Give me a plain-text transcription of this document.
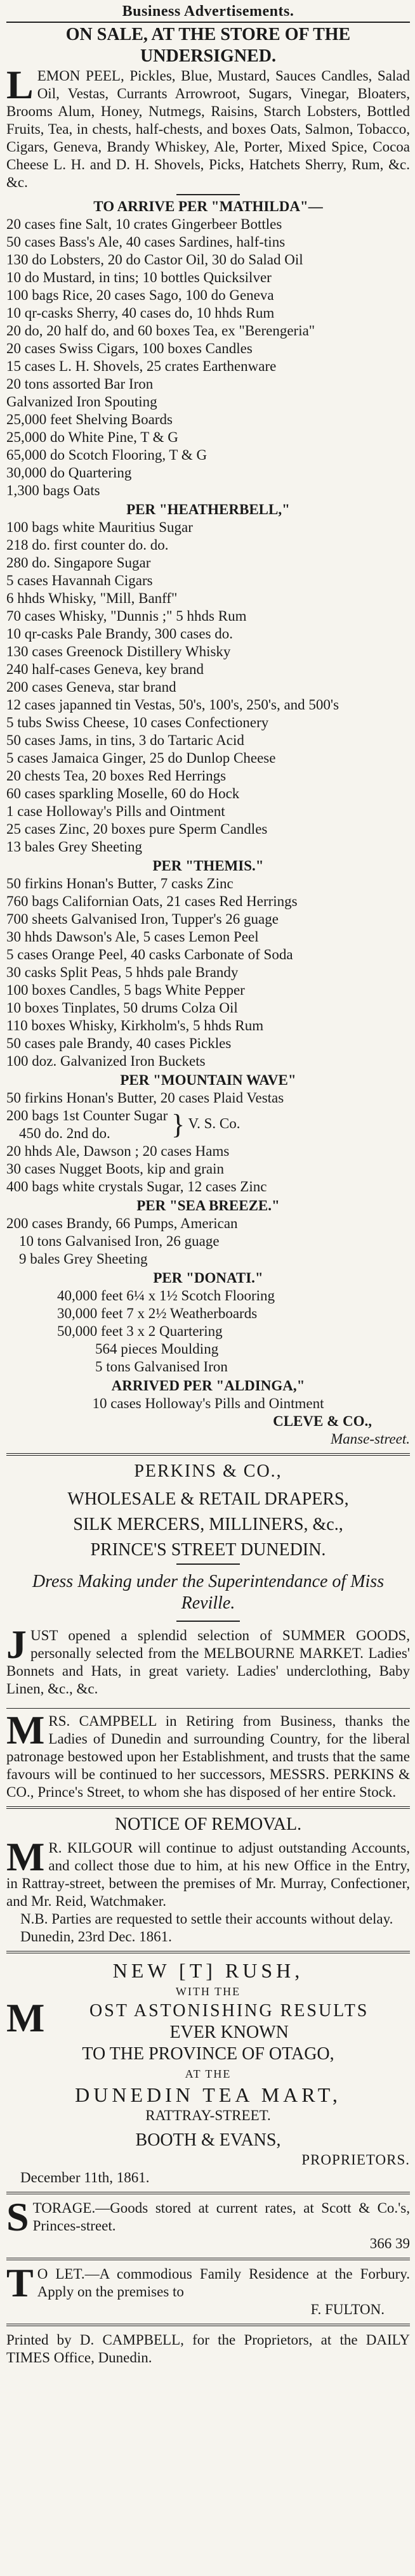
Business Advertisements.
ON SALE, AT THE STORE OF THE
UNDERSIGNED.
LEMON PEEL, Pickles, Blue, Mustard, Sauces Candles, Salad Oil, Vestas, Currants Arrowroot, Sugars, Vinegar, Bloaters, Brooms Alum, Honey, Nutmegs, Raisins, Starch Lobsters, Bottled Fruits, Tea, in chests, half-chests, and boxes Oats, Salmon, Tobacco, Cigars, Geneva, Brandy Whiskey, Ale, Porter, Mixed Spice, Cocoa Cheese L. H. and D. H. Shovels, Picks, Hatchets Sherry, Rum, &c. &c.
TO ARRIVE PER "MATHILDA"—
20 cases fine Salt, 10 crates Gingerbeer Bottles
50 cases Bass's Ale, 40 cases Sardines, half-tins
130 do Lobsters, 20 do Castor Oil, 30 do Salad Oil
10 do Mustard, in tins; 10 bottles Quicksilver
100 bags Rice, 20 cases Sago, 100 do Geneva
10 qr-casks Sherry, 40 cases do, 10 hhds Rum
20 do, 20 half do, and 60 boxes Tea, ex "Berengeria"
20 cases Swiss Cigars, 100 boxes Candles
15 cases L. H. Shovels, 25 crates Earthenware
20 tons assorted Bar Iron
Galvanized Iron Spouting
25,000 feet Shelving Boards
25,000 do White Pine, T & G
65,000 do Scotch Flooring, T & G
30,000 do Quartering
1,300 bags Oats
PER "HEATHERBELL,"
100 bags white Mauritius Sugar
218 do. first counter do. do.
280 do. Singapore Sugar
5 cases Havannah Cigars
6 hhds Whisky, "Mill, Banff"
70 cases Whisky, "Dunnis ;" 5 hhds Rum
10 qr-casks Pale Brandy, 300 cases do.
130 cases Greenock Distillery Whisky
240 half-cases Geneva, key brand
200 cases Geneva, star brand
12 cases japanned tin Vestas, 50's, 100's, 250's, and 500's
5 tubs Swiss Cheese, 10 cases Confectionery
50 cases Jams, in tins, 3 do Tartaric Acid
5 cases Jamaica Ginger, 25 do Dunlop Cheese
20 chests Tea, 20 boxes Red Herrings
60 cases sparkling Moselle, 60 do Hock
1 case Holloway's Pills and Ointment
25 cases Zinc, 20 boxes pure Sperm Candles
13 bales Grey Sheeting
PER "THEMIS."
50 firkins Honan's Butter, 7 casks Zinc
760 bags Californian Oats, 21 cases Red Herrings
700 sheets Galvanised Iron, Tupper's 26 guage
30 hhds Dawson's Ale, 5 cases Lemon Peel
5 cases Orange Peel, 40 casks Carbonate of Soda
30 casks Split Peas, 5 hhds pale Brandy
100 boxes Candles, 5 bags White Pepper
10 boxes Tinplates, 50 drums Colza Oil
110 boxes Whisky, Kirkholm's, 5 hhds Rum
50 cases pale Brandy, 40 cases Pickles
100 doz. Galvanized Iron Buckets
PER "MOUNTAIN WAVE"
50 firkins Honan's Butter, 20 cases Plaid Vestas
200 bags 1st Counter Sugar
450 do. 2nd do.	} V. S. Co.
20 hhds Ale, Dawson ; 20 cases Hams
30 cases Nugget Boots, kip and grain
400 bags white crystals Sugar, 12 cases Zinc
PER "SEA BREEZE."
200 cases Brandy, 66 Pumps, American
10 tons Galvanised Iron, 26 guage
9 bales Grey Sheeting
PER "DONATI."
40,000 feet 6¼ x 1½ Scotch Flooring
30,000 feet 7 x 2½ Weatherboards
50,000 feet 3 x 2 Quartering
564 pieces Moulding
5 tons Galvanised Iron
ARRIVED PER "ALDINGA,"
10 cases Holloway's Pills and Ointment
CLEVE & CO.,
Manse-street.
PERKINS & CO.,
WHOLESALE & RETAIL DRAPERS,
SILK MERCERS, MILLINERS, &c.,
PRINCE'S STREET DUNEDIN.
Dress Making under the Superintendance of Miss Reville.
JUST opened a splendid selection of SUMMER GOODS, personally selected from the MELBOURNE MARKET. Ladies' Bonnets and Hats, in great variety. Ladies' underclothing, Baby Linen, &c., &c.
MRS. CAMPBELL in Retiring from Business, thanks the Ladies of Dunedin and surrounding Country, for the liberal patronage bestowed upon her Establishment, and trusts that the same favours will be continued to her successors, MESSRS. PERKINS & CO., Prince's Street, to whom she has disposed of her entire Stock.
NOTICE OF REMOVAL.
M R. KILGOUR will continue to adjust outstanding Accounts, and collect those due to him, at his new Office in the Entry, in Rattray-street, between the premises of Mr. Murray, Confectioner, and Mr. Reid, Watchmaker.
N.B. Parties are requested to settle their accounts without delay.
Dunedin, 23rd Dec. 1861.
NEW [T] RUSH,
WITH THE
M	OST ASTONISHING RESULTS
EVER KNOWN
TO THE PROVINCE OF OTAGO,
AT THE
DUNEDIN TEA MART,
RATTRAY-STREET.
BOOTH & EVANS,
PROPRIETORS.
December 11th, 1861.
STORAGE.—Goods stored at current rates, at Scott & Co.'s, Princes-street.
366 39
T O LET.—A commodious Family Residence at the Forbury. Apply on the premises to
F. FULTON.
Printed by D. CAMPBELL, for the Proprietors, at the DAILY TIMES Office, Dunedin.
